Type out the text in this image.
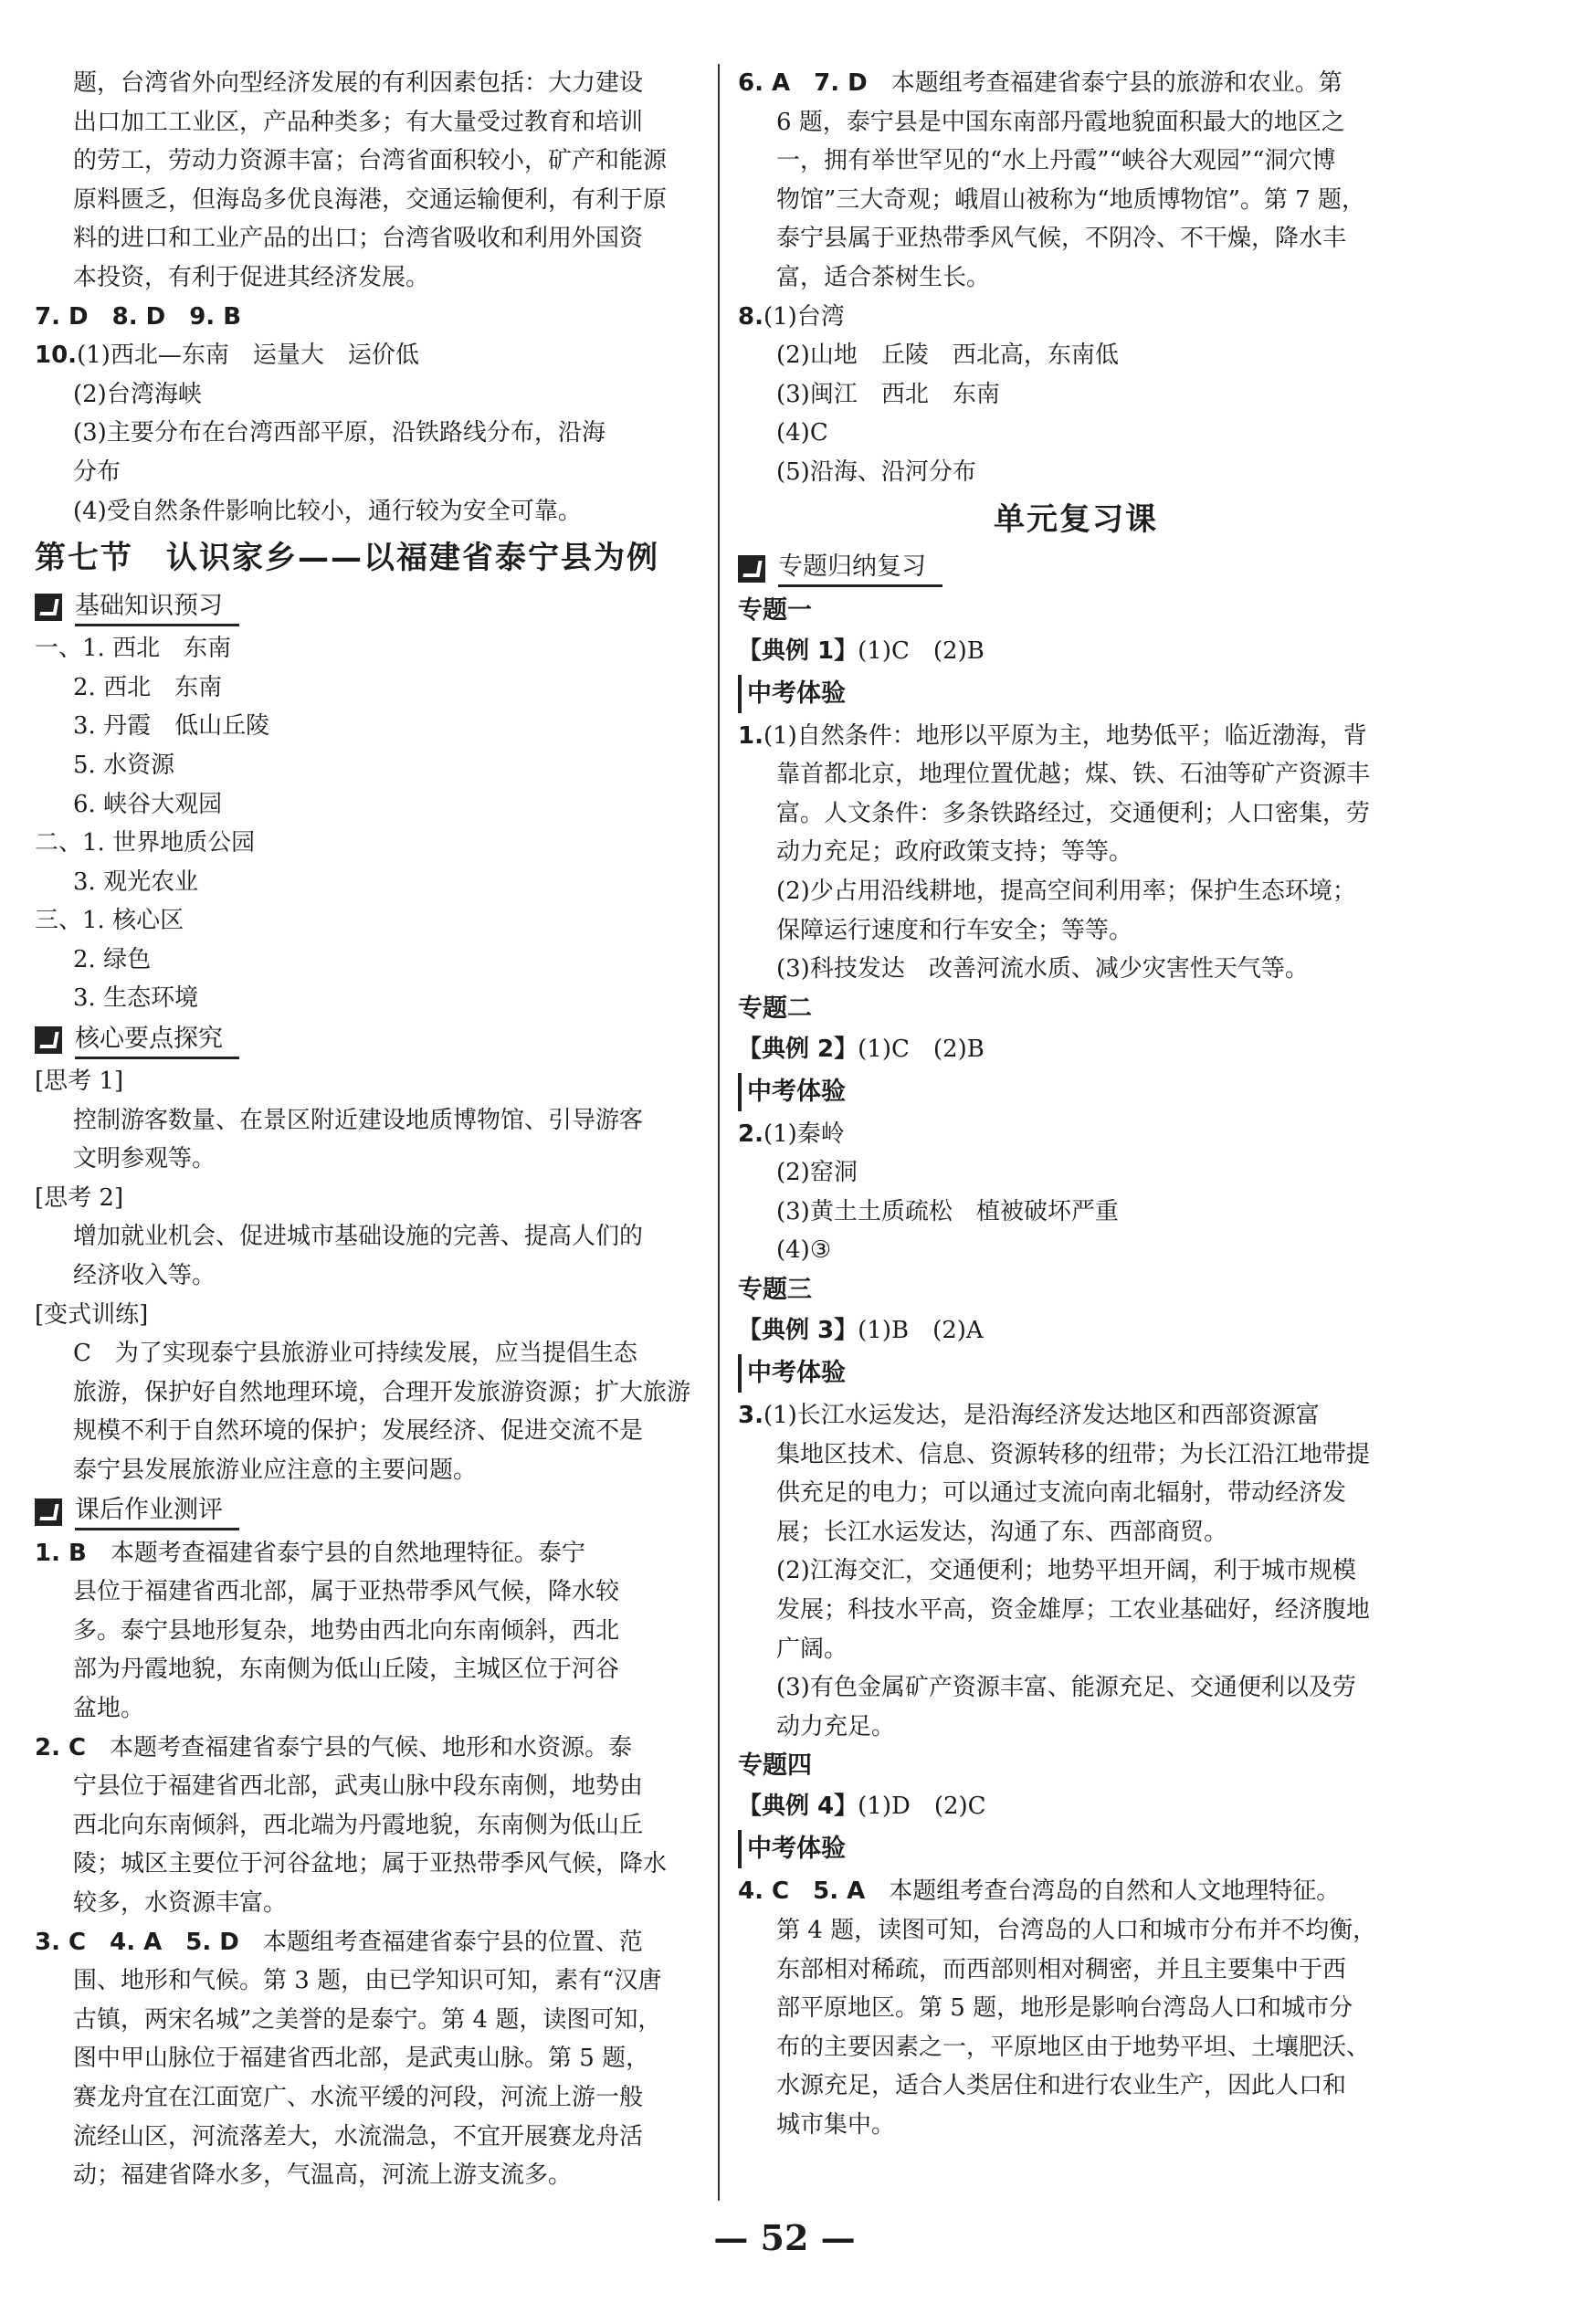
题，台湾省外向型经济发展的有利因素包括：大力建设
出口加工工业区，产品种类多；有大量受过教育和培训
的劳工，劳动力资源丰富；台湾省面积较小，矿产和能源
原料匮乏，但海岛多优良海港，交通运输便利，有利于原
料的进口和工业产品的出口；台湾省吸收和利用外国资
本投资，有利于促进其经济发展。
7. D　8. D　9. B
10.(1)西北—东南　运量大　运价低
(2)台湾海峡
(3)主要分布在台湾西部平原，沿铁路线分布，沿海
分布
(4)受自然条件影响比较小，通行较为安全可靠。
第七节　认识家乡——以福建省泰宁县为例
基础知识预习
一、1. 西北　东南
2. 西北　东南
3. 丹霞　低山丘陵
5. 水资源
6. 峡谷大观园
二、1. 世界地质公园
3. 观光农业
三、1. 核心区
2. 绿色
3. 生态环境
核心要点探究
[思考 1]
控制游客数量、在景区附近建设地质博物馆、引导游客
文明参观等。
[思考 2]
增加就业机会、促进城市基础设施的完善、提高人们的
经济收入等。
[变式训练]
C　为了实现泰宁县旅游业可持续发展，应当提倡生态
旅游，保护好自然地理环境，合理开发旅游资源；扩大旅游
规模不利于自然环境的保护；发展经济、促进交流不是
泰宁县发展旅游业应注意的主要问题。
课后作业测评
1. B　本题考查福建省泰宁县的自然地理特征。泰宁
县位于福建省西北部，属于亚热带季风气候，降水较
多。泰宁县地形复杂，地势由西北向东南倾斜，西北
部为丹霞地貌，东南侧为低山丘陵，主城区位于河谷
盆地。
2. C　本题考查福建省泰宁县的气候、地形和水资源。泰
宁县位于福建省西北部，武夷山脉中段东南侧，地势由
西北向东南倾斜，西北端为丹霞地貌，东南侧为低山丘
陵；城区主要位于河谷盆地；属于亚热带季风气候，降水
较多，水资源丰富。
3. C　4. A　5. D　本题组考查福建省泰宁县的位置、范
围、地形和气候。第 3 题，由已学知识可知，素有“汉唐
古镇，两宋名城”之美誉的是泰宁。第 4 题，读图可知，
图中甲山脉位于福建省西北部，是武夷山脉。第 5 题，
赛龙舟宜在江面宽广、水流平缓的河段，河流上游一般
流经山区，河流落差大，水流湍急，不宜开展赛龙舟活
动；福建省降水多，气温高，河流上游支流多。
6. A　7. D　本题组考查福建省泰宁县的旅游和农业。第
6 题，泰宁县是中国东南部丹霞地貌面积最大的地区之
一，拥有举世罕见的“水上丹霞”“峡谷大观园”“洞穴博
物馆”三大奇观；峨眉山被称为“地质博物馆”。第 7 题，
泰宁县属于亚热带季风气候，不阴冷、不干燥，降水丰
富，适合茶树生长。
8.(1)台湾
(2)山地　丘陵　西北高，东南低
(3)闽江　西北　东南
(4)C
(5)沿海、沿河分布
单元复习课
专题归纳复习
专题一
【典例 1】(1)C　(2)B
中考体验
1.(1)自然条件：地形以平原为主，地势低平；临近渤海，背
靠首都北京，地理位置优越；煤、铁、石油等矿产资源丰
富。人文条件：多条铁路经过，交通便利；人口密集，劳
动力充足；政府政策支持；等等。
(2)少占用沿线耕地，提高空间利用率；保护生态环境；
保障运行速度和行车安全；等等。
(3)科技发达　改善河流水质、减少灾害性天气等。
专题二
【典例 2】(1)C　(2)B
中考体验
2.(1)秦岭
(2)窑洞
(3)黄土土质疏松　植被破坏严重
(4)③
专题三
【典例 3】(1)B　(2)A
中考体验
3.(1)长江水运发达，是沿海经济发达地区和西部资源富
集地区技术、信息、资源转移的纽带；为长江沿江地带提
供充足的电力；可以通过支流向南北辐射，带动经济发
展；长江水运发达，沟通了东、西部商贸。
(2)江海交汇，交通便利；地势平坦开阔，利于城市规模
发展；科技水平高，资金雄厚；工农业基础好，经济腹地
广阔。
(3)有色金属矿产资源丰富、能源充足、交通便利以及劳
动力充足。
专题四
【典例 4】(1)D　(2)C
中考体验
4. C　5. A　本题组考查台湾岛的自然和人文地理特征。
第 4 题，读图可知，台湾岛的人口和城市分布并不均衡，
东部相对稀疏，而西部则相对稠密，并且主要集中于西
部平原地区。第 5 题，地形是影响台湾岛人口和城市分
布的主要因素之一，平原地区由于地势平坦、土壤肥沃、
水源充足，适合人类居住和进行农业生产，因此人口和
城市集中。
— 52 —
